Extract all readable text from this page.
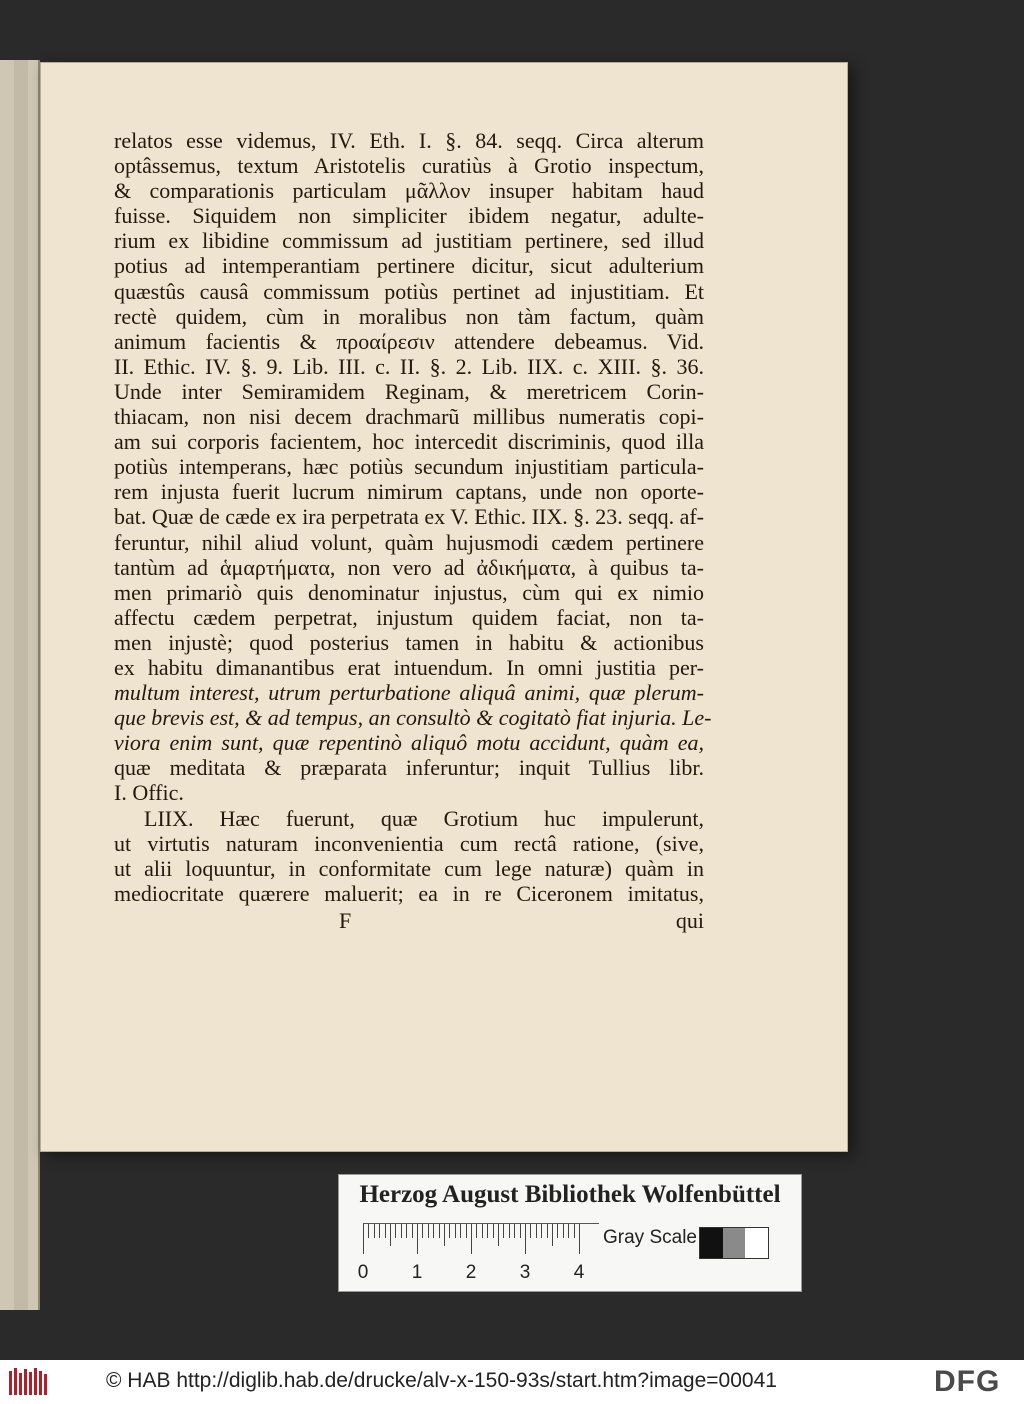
relatos esse videmus, IV. Eth. I. §. 84. seqq. Circa alterum
optâssemus, textum Aristotelis curatiùs à Grotio inspectum,
& comparationis particulam μᾶλλον insuper habitam haud
fuisse. Siquidem non simpliciter ibidem negatur, adulte-
rium ex libidine commissum ad justitiam pertinere, sed illud
potius ad intemperantiam pertinere dicitur, sicut adulterium
quæstûs causâ commissum potiùs pertinet ad injustitiam. Et
rectè quidem, cùm in moralibus non tàm factum, quàm
animum facientis & προαίρεσιν attendere debeamus. Vid.
II. Ethic. IV. §. 9. Lib. III. c. II. §. 2. Lib. IIX. c. XIII. §. 36.
Unde inter Semiramidem Reginam, & meretricem Corin-
thiacam, non nisi decem drachmarũ millibus numeratis copi-
am sui corporis facientem, hoc intercedit discriminis, quod illa
potiùs intemperans, hæc potiùs secundum injustitiam particula-
rem injusta fuerit lucrum nimirum captans, unde non oporte-
bat. Quæ de cæde ex ira perpetrata ex V. Ethic. IIX. §. 23. seqq. af-
feruntur, nihil aliud volunt, quàm hujusmodi cædem pertinere
tantùm ad ἁμαρτήματα, non vero ad ἀδικήματα, à quibus ta-
men primariò quis denominatur injustus, cùm qui ex nimio
affectu cædem perpetrat, injustum quidem faciat, non ta-
men injustè; quod posterius tamen in habitu & actionibus
ex habitu dimanantibus erat intuendum. In omni justitia per-
multum interest, utrum perturbatione aliquâ animi, quæ plerum-
que brevis est, & ad tempus, an consultò & cogitatò fiat injuria. Le-
viora enim sunt, quæ repentinò aliquô motu accidunt, quàm ea,
quæ meditata & præparata inferuntur; inquit Tullius libr.
I. Offic.
LIIX. Hæc fuerunt, quæ Grotium huc impulerunt,
ut virtutis naturam inconvenientia cum rectâ ratione, (sive,
ut alii loquuntur, in conformitate cum lege naturæ) quàm in
mediocritate quærere maluerit; ea in re Ciceronem imitatus,
F	qui
Herzog August Bibliothek Wolfenbüttel
0 1 2 3 4
Gray Scale
© HAB http://diglib.hab.de/drucke/alv-x-150-93s/start.htm?image=00041	DFG
